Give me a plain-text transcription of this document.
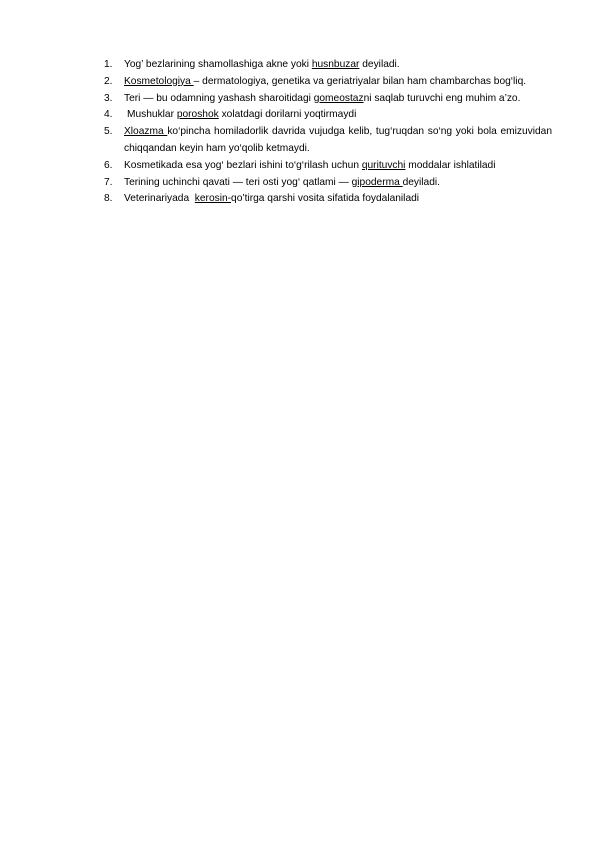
1. Yog’ bezlarining shamollashiga akne yoki husnbuzar deyiladi.
2. Kosmetologiya – dermatologiya, genetika va geriatriyalar bilan ham chambarchas bog‘liq.
3. Teri — bu odamning yashash sharoitidagi gomeostazni saqlab turuvchi eng muhim a’zo.
4. Mushuklar poroshok xolatdagi dorilarni yoqtirmaydi
5. Xloazma ko‘pincha homiladorlik davrida vujudga kelib, tug‘ruqdan so‘ng yoki bola emizuvidan chiqqandan keyin ham yo‘qolib ketmaydi.
6. Kosmetikada esa yog‘ bezlari ishini to‘g‘rilash uchun qurituvchi moddalar ishlatiladi
7. Terining uchinchi qavati — teri osti yog‘ qatlami — gipoderma deyiladi.
8. Veterinariyada  kerosin-qo’tirga qarshi vosita sifatida foydalaniladi
